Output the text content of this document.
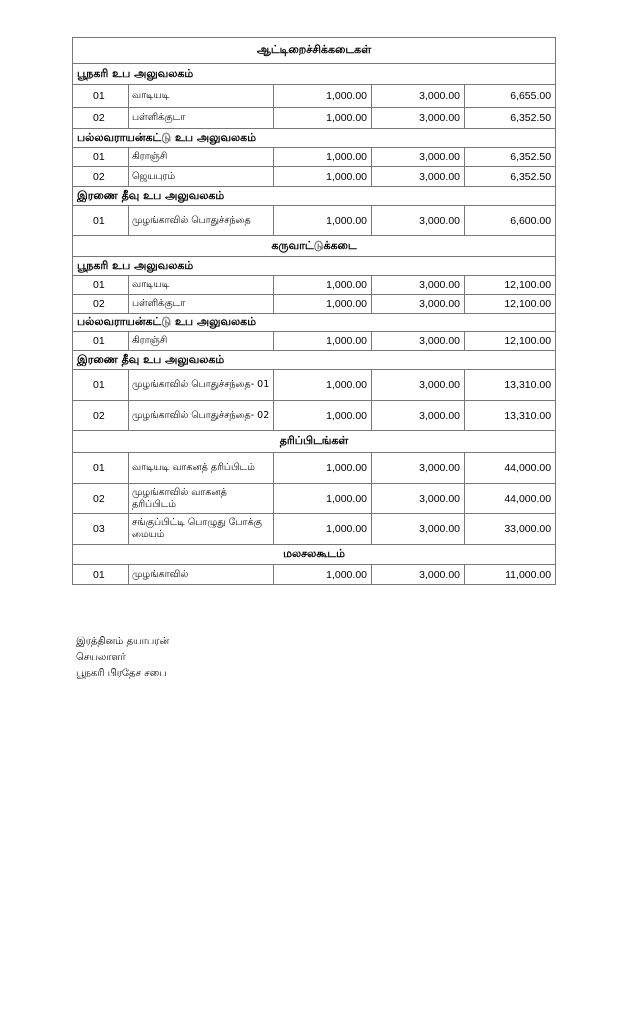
ஆட்டிறைச்சிக்கடைகள்				
பூநகரி உப அலுவலகம்				
01	வாடியடி	1,000.00	3,000.00	6,655.00
02	பள்ளிக்குடா	1,000.00	3,000.00	6,352.50
பல்லவராயன்கட்டு உப அலுவலகம்				
01	கிராஞ்சி	1,000.00	3,000.00	6,352.50
02	ஜெயபுரம்	1,000.00	3,000.00	6,352.50
இரணை தீவு உப அலுவலகம்				
01	முழங்காவில் பொதுச்சந்தை	1,000.00	3,000.00	6,600.00
கருவாட்டுக்கடை				
பூநகரி உப அலுவலகம்				
01	வாடியடி	1,000.00	3,000.00	12,100.00
02	பள்ளிக்குடா	1,000.00	3,000.00	12,100.00
பல்லவராயன்கட்டு உப அலுவலகம்				
01	கிராஞ்சி	1,000.00	3,000.00	12,100.00
இரணை தீவு உப அலுவலகம்				
01	முழங்காவில் பொதுச்சந்தை- 01	1,000.00	3,000.00	13,310.00
02	முழங்காவில் பொதுச்சந்தை- 02	1,000.00	3,000.00	13,310.00
தரிப்பிடங்கள்				
01	வாடியடி வாகனத் தரிப்பிடம்	1,000.00	3,000.00	44,000.00
02	முழங்காவில் வாகனத் தரிப்பிடம்	1,000.00	3,000.00	44,000.00
03	சங்குப்பிட்டி பொழுது போக்கு மையம்	1,000.00	3,000.00	33,000.00
மலசலகூடம்				
01	முழங்காவில்	1,000.00	3,000.00	11,000.00
இரத்தினம் தயாபரன்
செயலாளர்
பூநகரி பிரதேச சபை
